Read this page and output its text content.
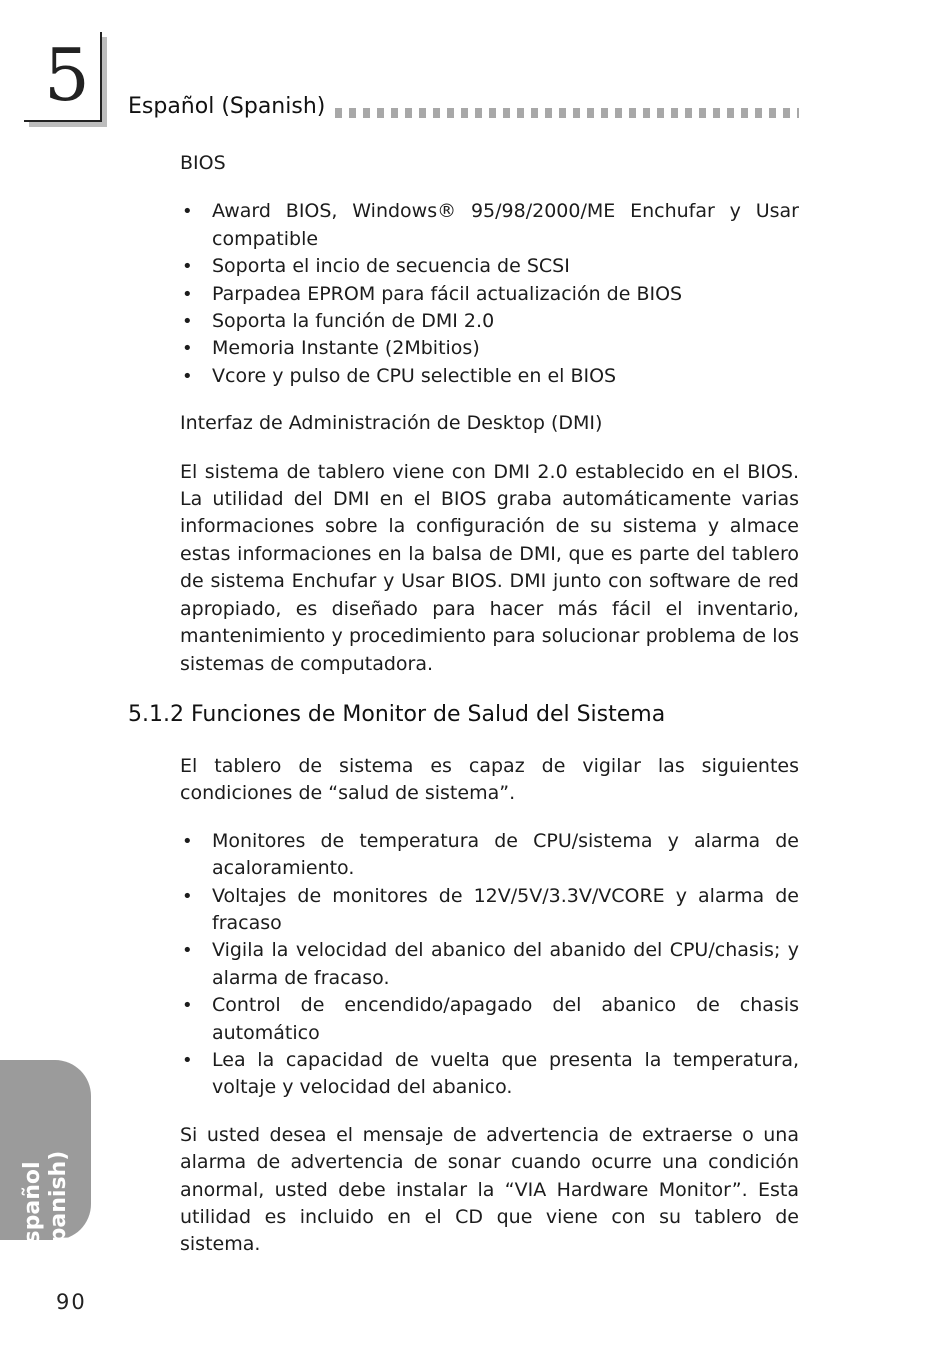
5 Español (Spanish)
BIOS
• Award BIOS, Windows® 95/98/2000/ME Enchufar y Usar compatible
• Soporta el incio de secuencia de SCSI
• Parpadea EPROM para fácil actualización de BIOS
• Soporta la función de DMI 2.0
• Memoria Instante (2Mbitios)
• Vcore y pulso de CPU selectible en el BIOS
Interfaz de Administración de Desktop (DMI)

El sistema de tablero viene con DMI 2.0 establecido en el BIOS. La utilidad del DMI en el BIOS graba automáticamente varias informaciones sobre la configuración de su sistema y almace estas informaciones en la balsa de DMI, que es parte del tablero de sistema Enchufar y Usar BIOS. DMI junto con software de red apropiado, es diseñado para hacer más fácil el inventario, mantenimiento y procedimiento para solucionar problema de los sistemas de computadora.

5.1.2 Funciones de Monitor de Salud del Sistema

El tablero de sistema es capaz de vigilar las siguientes condiciones de “salud de sistema”.

• Monitores de temperatura de CPU/sistema y alarma de acaloramiento.
• Voltajes de monitores de 12V/5V/3.3V/VCORE y alarma de fracaso
• Vigila la velocidad del abanico del abanido del CPU/chasis; y alarma de fracaso.
• Control de encendido/apagado del abanico de chasis automático
• Lea la capacidad de vuelta que presenta la temperatura, voltaje y velocidad del abanico.

Si usted desea el mensaje de advertencia de extraerse o una alarma de advertencia de sonar cuando ocurre una condición anormal, usted debe instalar la “VIA Hardware Monitor”. Esta utilidad es incluido en el CD que viene con su tablero de sistema.

Español (Spanish)
90
